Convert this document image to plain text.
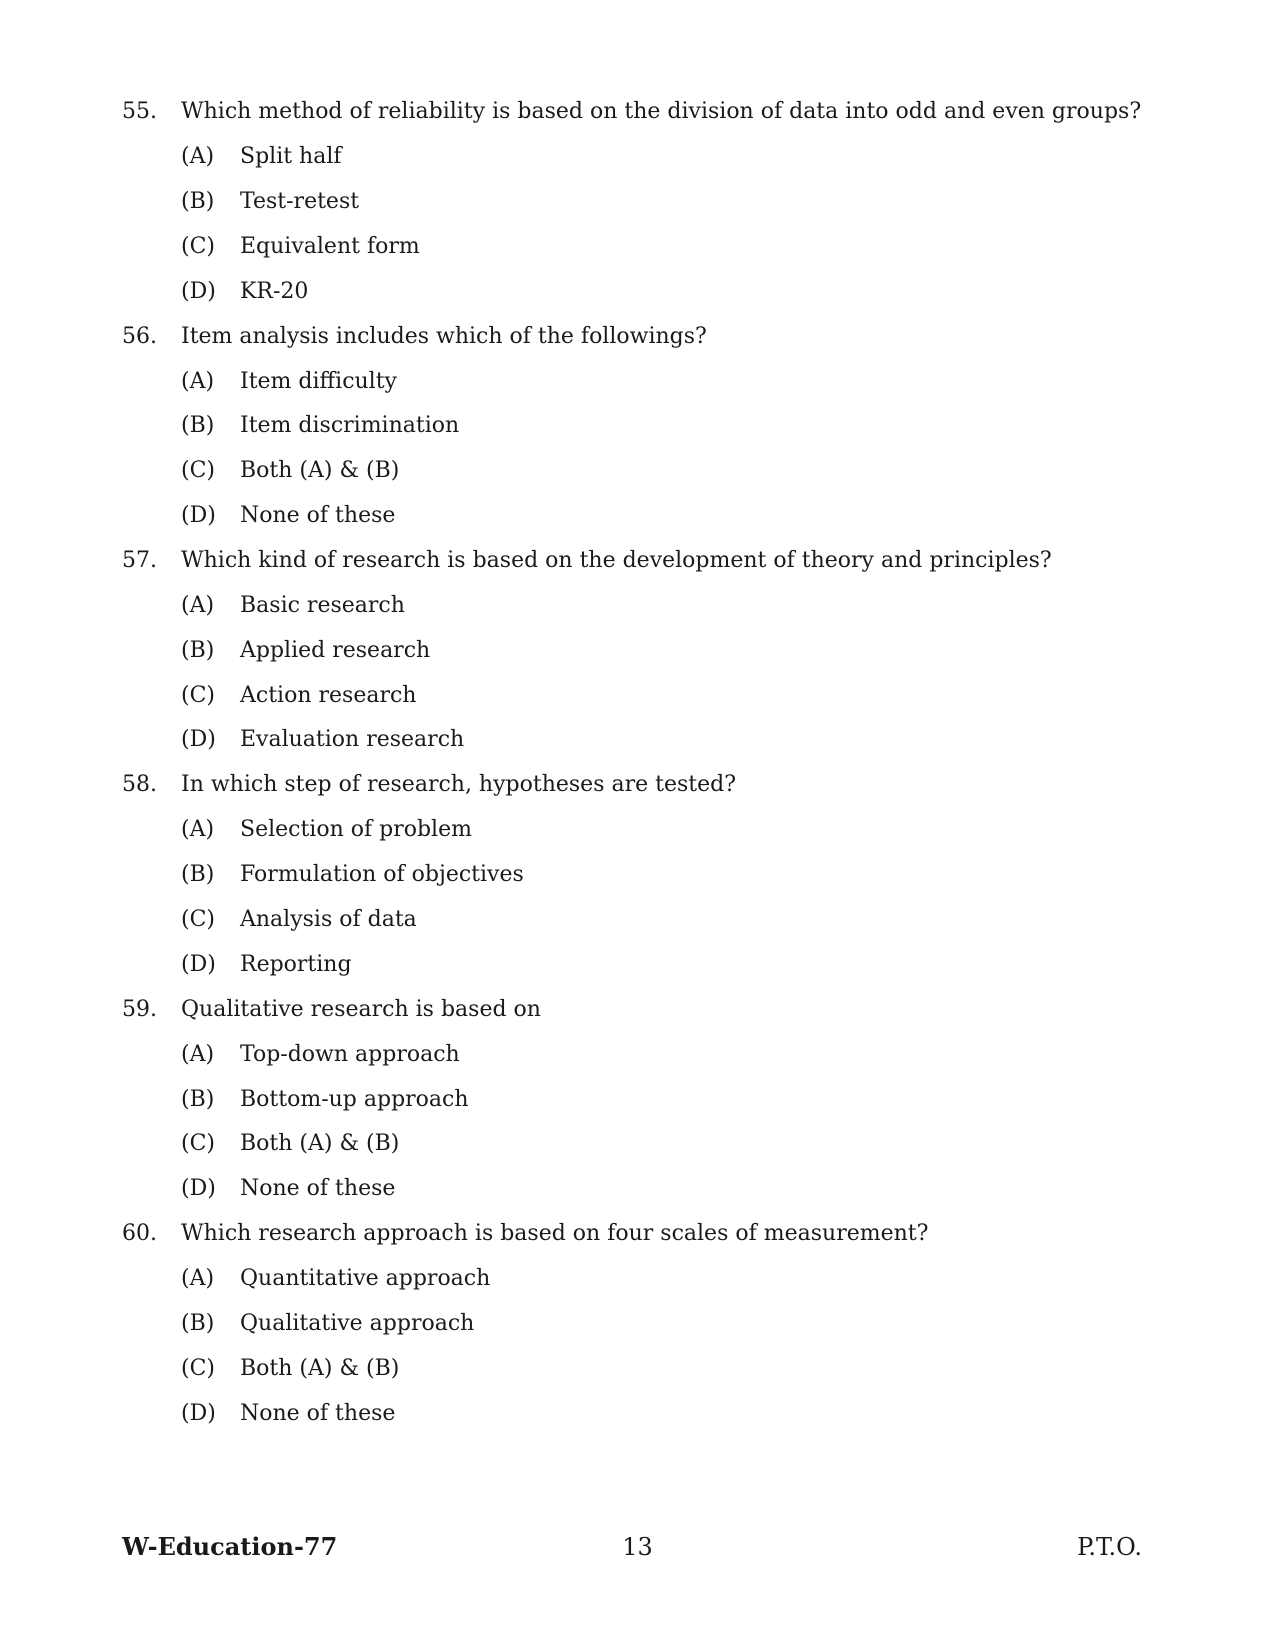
55. Which method of reliability is based on the division of data into odd and even groups?
(A) Split half
(B) Test-retest
(C) Equivalent form
(D) KR-20
56. Item analysis includes which of the followings?
(A) Item difficulty
(B) Item discrimination
(C) Both (A) & (B)
(D) None of these
57. Which kind of research is based on the development of theory and principles?
(A) Basic research
(B) Applied research
(C) Action research
(D) Evaluation research
58. In which step of research, hypotheses are tested?
(A) Selection of problem
(B) Formulation of objectives
(C) Analysis of data
(D) Reporting
59. Qualitative research is based on
(A) Top-down approach
(B) Bottom-up approach
(C) Both (A) & (B)
(D) None of these
60. Which research approach is based on four scales of measurement?
(A) Quantitative approach
(B) Qualitative approach
(C) Both (A) & (B)
(D) None of these
13
W-Education-77	P.T.O.
